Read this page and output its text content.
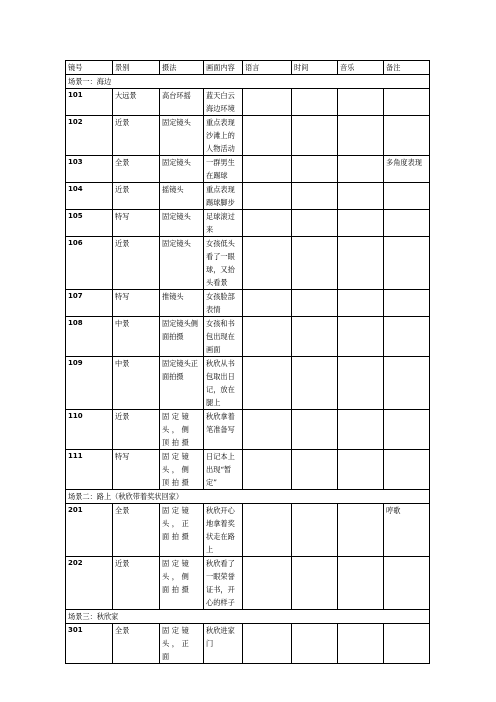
镜号	景别	摄法	画面内容	语言	时间	音乐	备注
场景一：海边							
101	大远景	高台环摇	蓝天白云海边环境				
102	近景	固定镜头	重点表现沙滩上的人物活动				
103	全景	固定镜头	一群男生在踢球				多角度表现
104	近景	摇镜头	重点表现踢球脚步				
105	特写	固定镜头	足球滚过来				
106	近景	固定镜头	女孩低头看了一眼球，又抬头看景				
107	特写	推镜头	女孩脸部表情				
108	中景	固定镜头侧面拍摄	女孩和书包出现在画面				
109	中景	固定镜头正面拍摄	秋欣从书包取出日记，放在腿上				
110	近景	固定镜头，侧顶拍摄	秋欣拿着笔准备写				
111	特写	固定镜头，侧顶拍摄	日记本上出现“暂定”				
场景二：路上（秋欣带着奖状回家）							
201	全景	固定镜头，正面拍摄	秋欣开心地拿着奖状走在路上				哼歌
202	近景	固定镜头，侧面拍摄	秋欣看了一眼荣誉证书，开心的样子				
场景三：秋欣家							
301	全景	固定镜头，正面	秋欣进家门				
